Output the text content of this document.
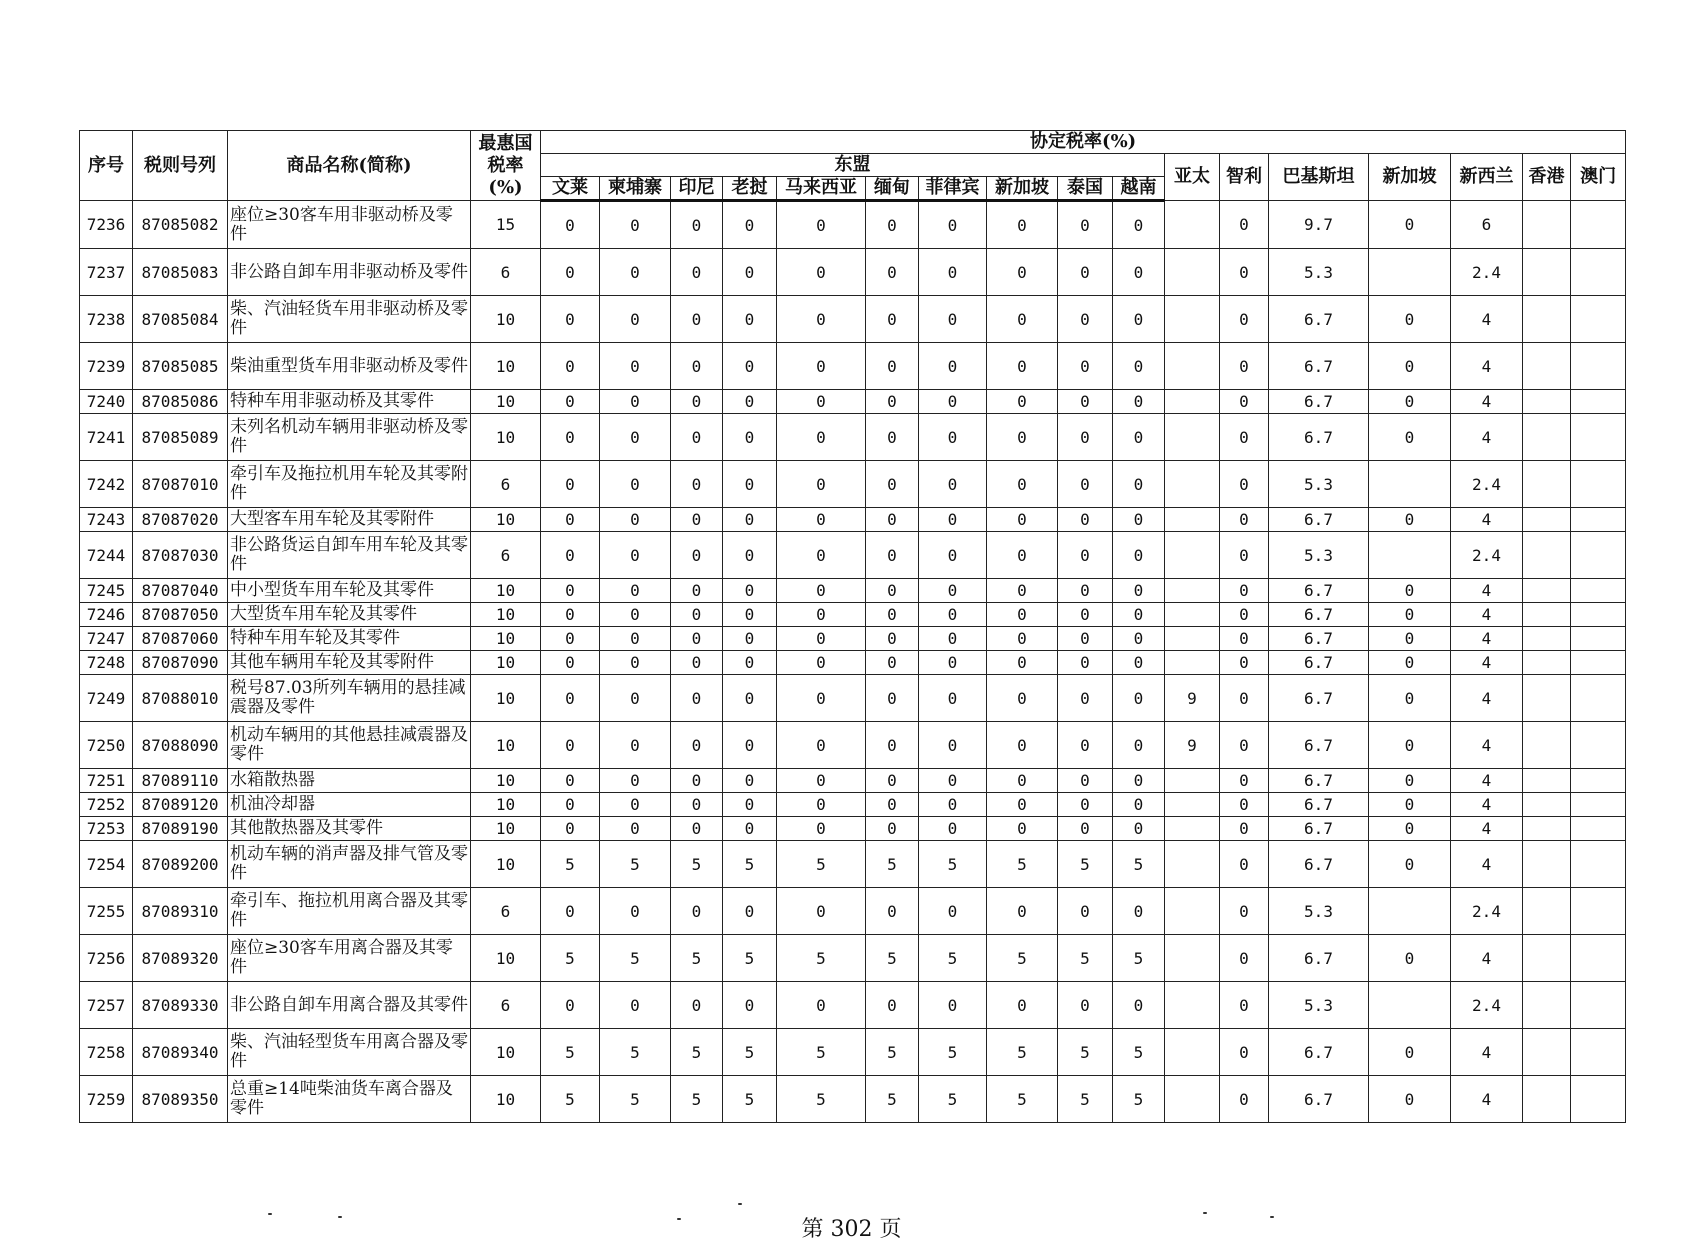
序号	税则号列	商品名称(简称)	最惠国
税率
(%)	协定税率(%)																
				东盟										亚太	智利	巴基斯坦	新加坡	新西兰	香港	澳门
				文莱	柬埔寨	印尼	老挝	马来西亚	缅甸	菲律宾	新加坡	泰国	越南							
7236	87085082	座位≥30客车用非驱动桥及零件	15	0	0	0	0	0	0	0	0	0	0		0	9.7	0	6		
7237	87085083	非公路自卸车用非驱动桥及零件	6	0	0	0	0	0	0	0	0	0	0		0	5.3		2.4		
7238	87085084	柴、汽油轻货车用非驱动桥及零件	10	0	0	0	0	0	0	0	0	0	0		0	6.7	0	4		
7239	87085085	柴油重型货车用非驱动桥及零件	10	0	0	0	0	0	0	0	0	0	0		0	6.7	0	4		
7240	87085086	特种车用非驱动桥及其零件	10	0	0	0	0	0	0	0	0	0	0		0	6.7	0	4		
7241	87085089	未列名机动车辆用非驱动桥及零件	10	0	0	0	0	0	0	0	0	0	0		0	6.7	0	4		
7242	87087010	牵引车及拖拉机用车轮及其零附件	6	0	0	0	0	0	0	0	0	0	0		0	5.3		2.4		
7243	87087020	大型客车用车轮及其零附件	10	0	0	0	0	0	0	0	0	0	0		0	6.7	0	4		
7244	87087030	非公路货运自卸车用车轮及其零件	6	0	0	0	0	0	0	0	0	0	0		0	5.3		2.4		
7245	87087040	中小型货车用车轮及其零件	10	0	0	0	0	0	0	0	0	0	0		0	6.7	0	4		
7246	87087050	大型货车用车轮及其零件	10	0	0	0	0	0	0	0	0	0	0		0	6.7	0	4		
7247	87087060	特种车用车轮及其零件	10	0	0	0	0	0	0	0	0	0	0		0	6.7	0	4		
7248	87087090	其他车辆用车轮及其零附件	10	0	0	0	0	0	0	0	0	0	0		0	6.7	0	4		
7249	87088010	税号87.03所列车辆用的悬挂减震器及零件	10	0	0	0	0	0	0	0	0	0	0	9	0	6.7	0	4		
7250	87088090	机动车辆用的其他悬挂减震器及零件	10	0	0	0	0	0	0	0	0	0	0	9	0	6.7	0	4		
7251	87089110	水箱散热器	10	0	0	0	0	0	0	0	0	0	0		0	6.7	0	4		
7252	87089120	机油冷却器	10	0	0	0	0	0	0	0	0	0	0		0	6.7	0	4		
7253	87089190	其他散热器及其零件	10	0	0	0	0	0	0	0	0	0	0		0	6.7	0	4		
7254	87089200	机动车辆的消声器及排气管及零件	10	5	5	5	5	5	5	5	5	5	5		0	6.7	0	4		
7255	87089310	牵引车、拖拉机用离合器及其零件	6	0	0	0	0	0	0	0	0	0	0		0	5.3		2.4		
7256	87089320	座位≥30客车用离合器及其零件	10	5	5	5	5	5	5	5	5	5	5		0	6.7	0	4		
7257	87089330	非公路自卸车用离合器及其零件	6	0	0	0	0	0	0	0	0	0	0		0	5.3		2.4		
7258	87089340	柴、汽油轻型货车用离合器及零件	10	5	5	5	5	5	5	5	5	5	5		0	6.7	0	4		
7259	87089350	总重≥14吨柴油货车离合器及零件	10	5	5	5	5	5	5	5	5	5	5		0	6.7	0	4		
第 302 页
